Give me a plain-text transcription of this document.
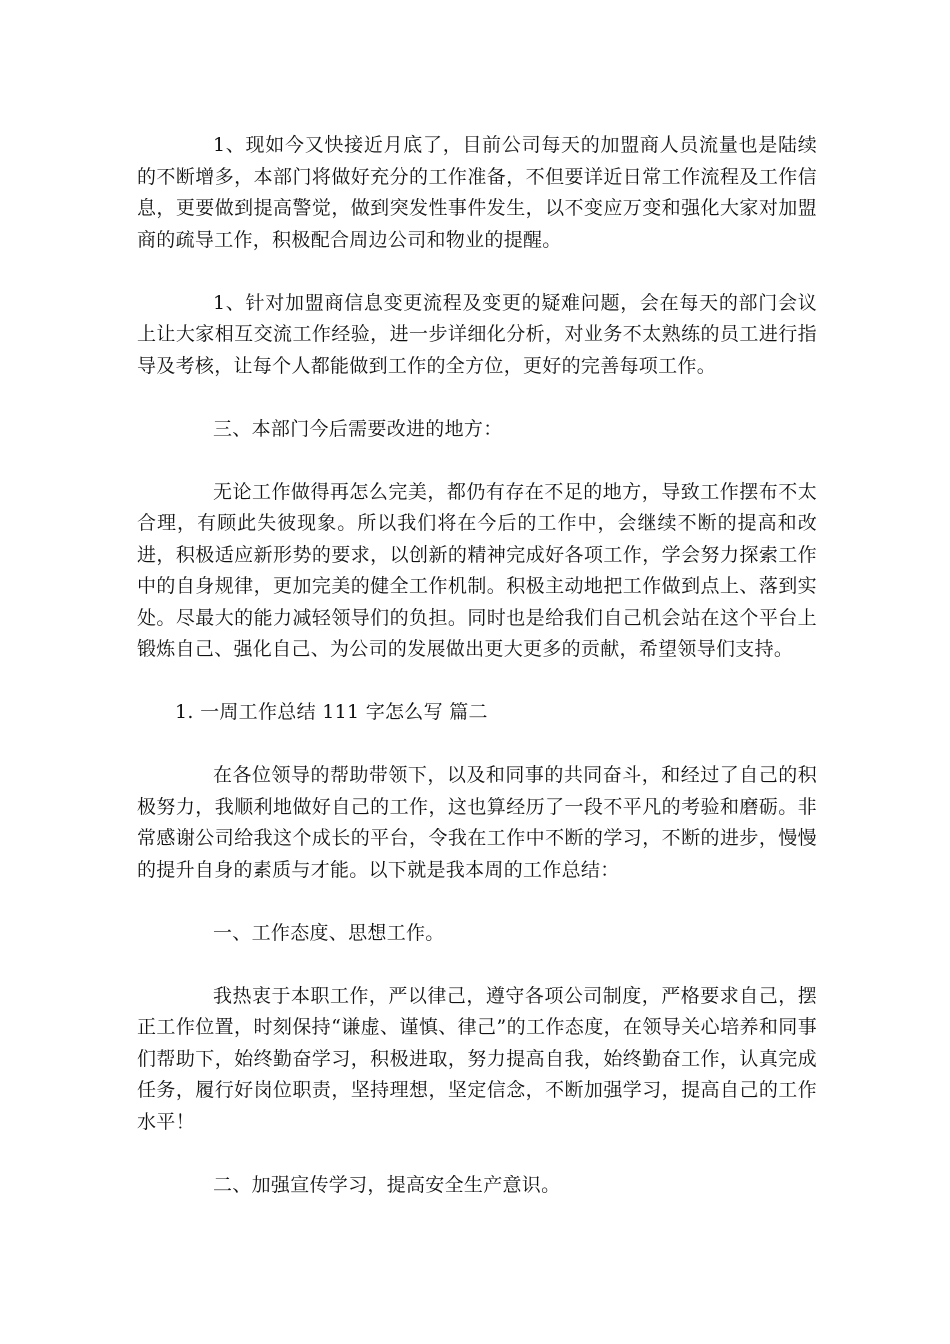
1、现如今又快接近月底了，目前公司每天的加盟商人员流量也是陆续的不断增多，本部门将做好充分的工作准备，不但要详近日常工作流程及工作信息，更要做到提高警觉，做到突发性事件发生，以不变应万变和强化大家对加盟商的疏导工作，积极配合周边公司和物业的提醒。

1、针对加盟商信息变更流程及变更的疑难问题，会在每天的部门会议上让大家相互交流工作经验，进一步详细化分析，对业务不太熟练的员工进行指导及考核，让每个人都能做到工作的全方位，更好的完善每项工作。

三、本部门今后需要改进的地方：

无论工作做得再怎么完美，都仍有存在不足的地方，导致工作摆布不太合理，有顾此失彼现象。所以我们将在今后的工作中，会继续不断的提高和改进，积极适应新形势的要求，以创新的精神完成好各项工作，学会努力探索工作中的自身规律，更加完美的健全工作机制。积极主动地把工作做到点上、落到实处。尽最大的能力减轻领导们的负担。同时也是给我们自己机会站在这个平台上锻炼自己、强化自己、为公司的发展做出更大更多的贡献，希望领导们支持。

1. 一周工作总结 111 字怎么写 篇二

在各位领导的帮助带领下，以及和同事的共同奋斗，和经过了自己的积极努力，我顺利地做好自己的工作，这也算经历了一段不平凡的考验和磨砺。非常感谢公司给我这个成长的平台，令我在工作中不断的学习，不断的进步，慢慢的提升自身的素质与才能。以下就是我本周的工作总结：

一、工作态度、思想工作。

我热衷于本职工作，严以律己，遵守各项公司制度，严格要求自己，摆正工作位置，时刻保持“谦虚、谨慎、律己”的工作态度，在领导关心培养和同事们帮助下，始终勤奋学习，积极进取，努力提高自我，始终勤奋工作，认真完成任务，履行好岗位职责，坚持理想，坚定信念，不断加强学习，提高自己的工作水平！

二、加强宣传学习，提高安全生产意识。
